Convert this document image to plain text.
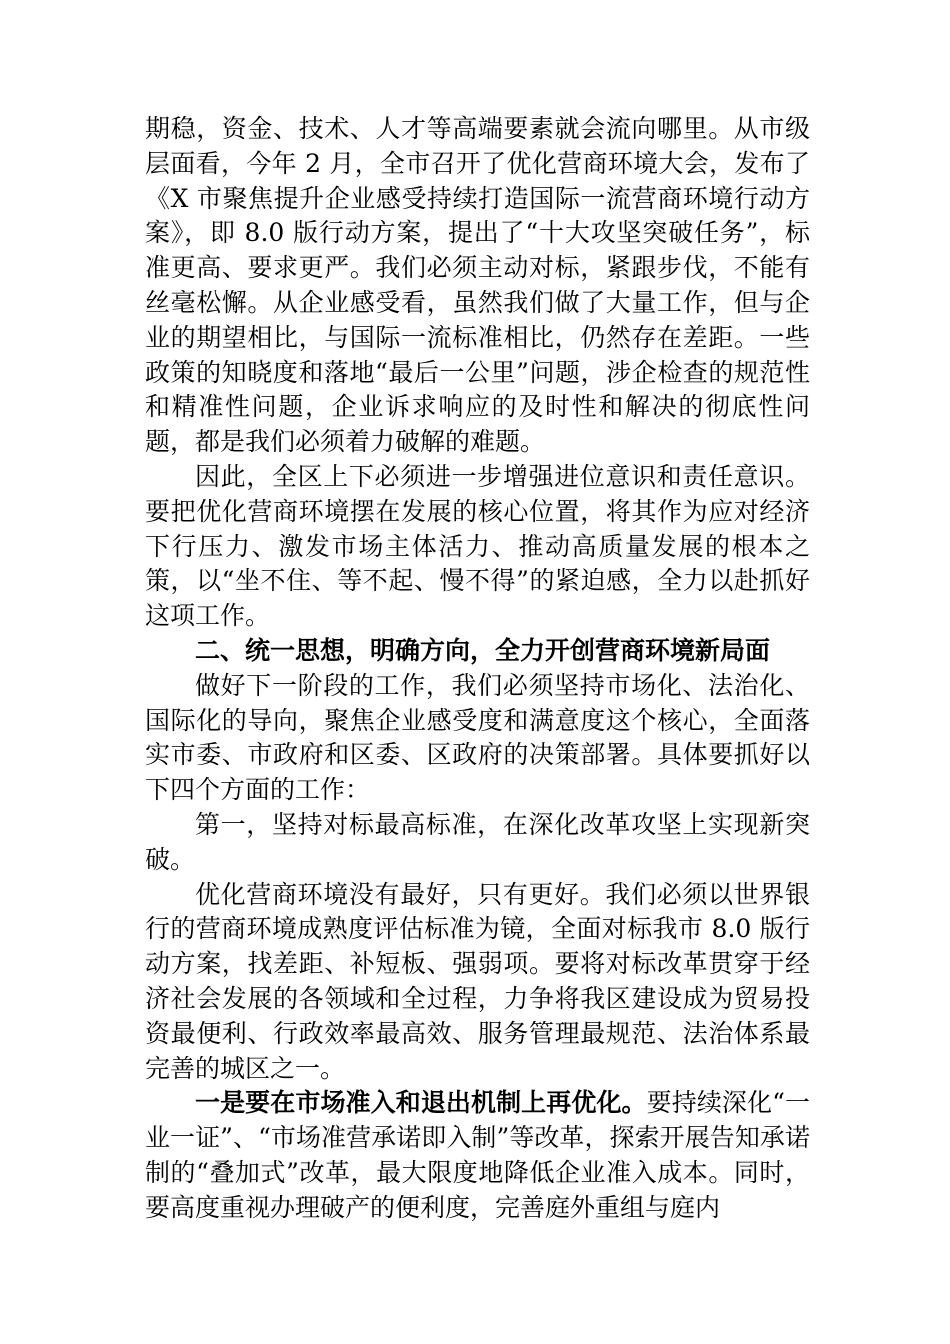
期稳，资金、技术、人才等高端要素就会流向哪里。从市级层面看，今年 2 月，全市召开了优化营商环境大会，发布了《X 市聚焦提升企业感受持续打造国际一流营商环境行动方案》，即 8.0 版行动方案，提出了“十大攻坚突破任务”，标准更高、要求更严。我们必须主动对标，紧跟步伐，不能有丝毫松懈。从企业感受看，虽然我们做了大量工作，但与企业的期望相比，与国际一流标准相比，仍然存在差距。一些政策的知晓度和落地“最后一公里”问题，涉企检查的规范性和精准性问题，企业诉求响应的及时性和解决的彻底性问题，都是我们必须着力破解的难题。

因此，全区上下必须进一步增强进位意识和责任意识。要把优化营商环境摆在发展的核心位置，将其作为应对经济下行压力、激发市场主体活力、推动高质量发展的根本之策，以“坐不住、等不起、慢不得”的紧迫感，全力以赴抓好这项工作。

二、统一思想，明确方向，全力开创营商环境新局面

做好下一阶段的工作，我们必须坚持市场化、法治化、国际化的导向，聚焦企业感受度和满意度这个核心，全面落实市委、市政府和区委、区政府的决策部署。具体要抓好以下四个方面的工作：

第一，坚持对标最高标准，在深化改革攻坚上实现新突破。

优化营商环境没有最好，只有更好。我们必须以世界银行的营商环境成熟度评估标准为镜，全面对标我市 8.0 版行动方案，找差距、补短板、强弱项。要将对标改革贯穿于经济社会发展的各领域和全过程，力争将我区建设成为贸易投资最便利、行政效率最高效、服务管理最规范、法治体系最完善的城区之一。

一是要在市场准入和退出机制上再优化。要持续深化“一业一证”、“市场准营承诺即入制”等改革，探索开展告知承诺制的“叠加式”改革，最大限度地降低企业准入成本。同时，要高度重视办理破产的便利度，完善庭外重组与庭内
